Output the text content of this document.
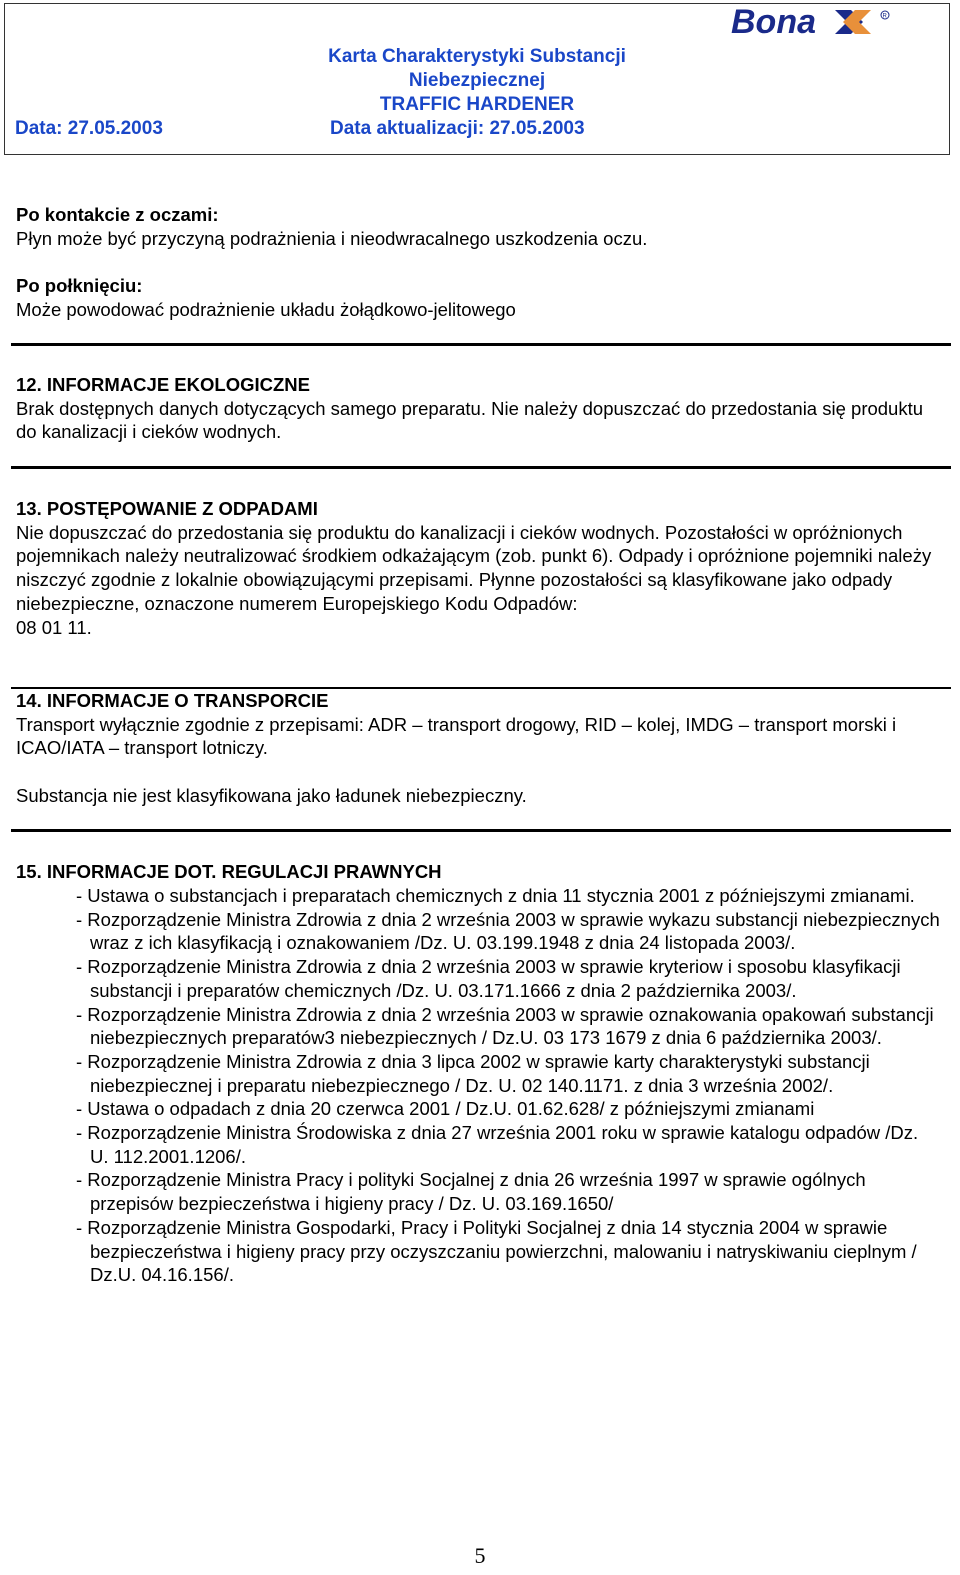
Bona	R
Karta Charakterystyki Substancji
Niebezpiecznej
TRAFFIC HARDENER
Data: 27.05.2003	Data aktualizacji: 27.05.2003
Po kontakcie z oczami:
Płyn może być przyczyną podrażnienia i nieodwracalnego uszkodzenia oczu.
Po połknięciu:
Może powodować podrażnienie układu żołądkowo-jelitowego
12. INFORMACJE EKOLOGICZNE
Brak dostępnych danych dotyczących samego preparatu. Nie należy dopuszczać do przedostania się produktu do kanalizacji i cieków wodnych.
13. POSTĘPOWANIE Z ODPADAMI
Nie dopuszczać do przedostania się produktu do kanalizacji i cieków wodnych. Pozostałości w opróżnionych pojemnikach należy neutralizować środkiem odkażającym (zob. punkt 6). Odpady i opróżnione pojemniki należy niszczyć zgodnie z lokalnie obowiązującymi przepisami. Płynne pozostałości są klasyfikowane jako odpady niebezpieczne, oznaczone numerem Europejskiego Kodu Odpadów:
08 01 11.
14. INFORMACJE O TRANSPORCIE
Transport wyłącznie zgodnie z przepisami: ADR – transport drogowy, RID – kolej, IMDG – transport morski i ICAO/IATA – transport lotniczy.
Substancja nie jest klasyfikowana jako ładunek niebezpieczny.
15. INFORMACJE DOT. REGULACJI PRAWNYCH
- Ustawa o substancjach i preparatach chemicznych z dnia 11 stycznia 2001 z późniejszymi zmianami.
- Rozporządzenie Ministra Zdrowia z dnia 2 września 2003 w sprawie wykazu substancji niebezpiecznych wraz z ich klasyfikacją i oznakowaniem /Dz. U. 03.199.1948 z dnia 24 listopada 2003/.
- Rozporządzenie Ministra Zdrowia z dnia 2 września 2003 w sprawie kryteriow i sposobu klasyfikacji substancji i preparatów chemicznych /Dz. U. 03.171.1666 z dnia 2 października 2003/.
- Rozporządzenie Ministra Zdrowia z dnia 2 września 2003 w sprawie oznakowania opakowań substancji niebezpiecznych preparatów3 niebezpiecznych / Dz.U. 03 173 1679 z dnia 6 października 2003/.
- Rozporządzenie Ministra Zdrowia z dnia 3 lipca 2002 w sprawie karty charakterystyki substancji niebezpiecznej i preparatu niebezpiecznego / Dz. U. 02 140.1171. z dnia 3 września 2002/.
- Ustawa o odpadach z dnia 20 czerwca 2001 / Dz.U. 01.62.628/ z późniejszymi zmianami
- Rozporządzenie Ministra Środowiska z dnia 27 września 2001 roku w sprawie katalogu odpadów /Dz. U. 112.2001.1206/.
- Rozporządzenie Ministra Pracy i polityki Socjalnej z dnia 26 września 1997 w sprawie ogólnych przepisów bezpieczeństwa i higieny pracy / Dz. U. 03.169.1650/
- Rozporządzenie Ministra Gospodarki, Pracy i Polityki Socjalnej z dnia 14 stycznia 2004 w sprawie bezpieczeństwa i higieny pracy przy oczyszczaniu powierzchni, malowaniu i natryskiwaniu cieplnym / Dz.U. 04.16.156/.
5
